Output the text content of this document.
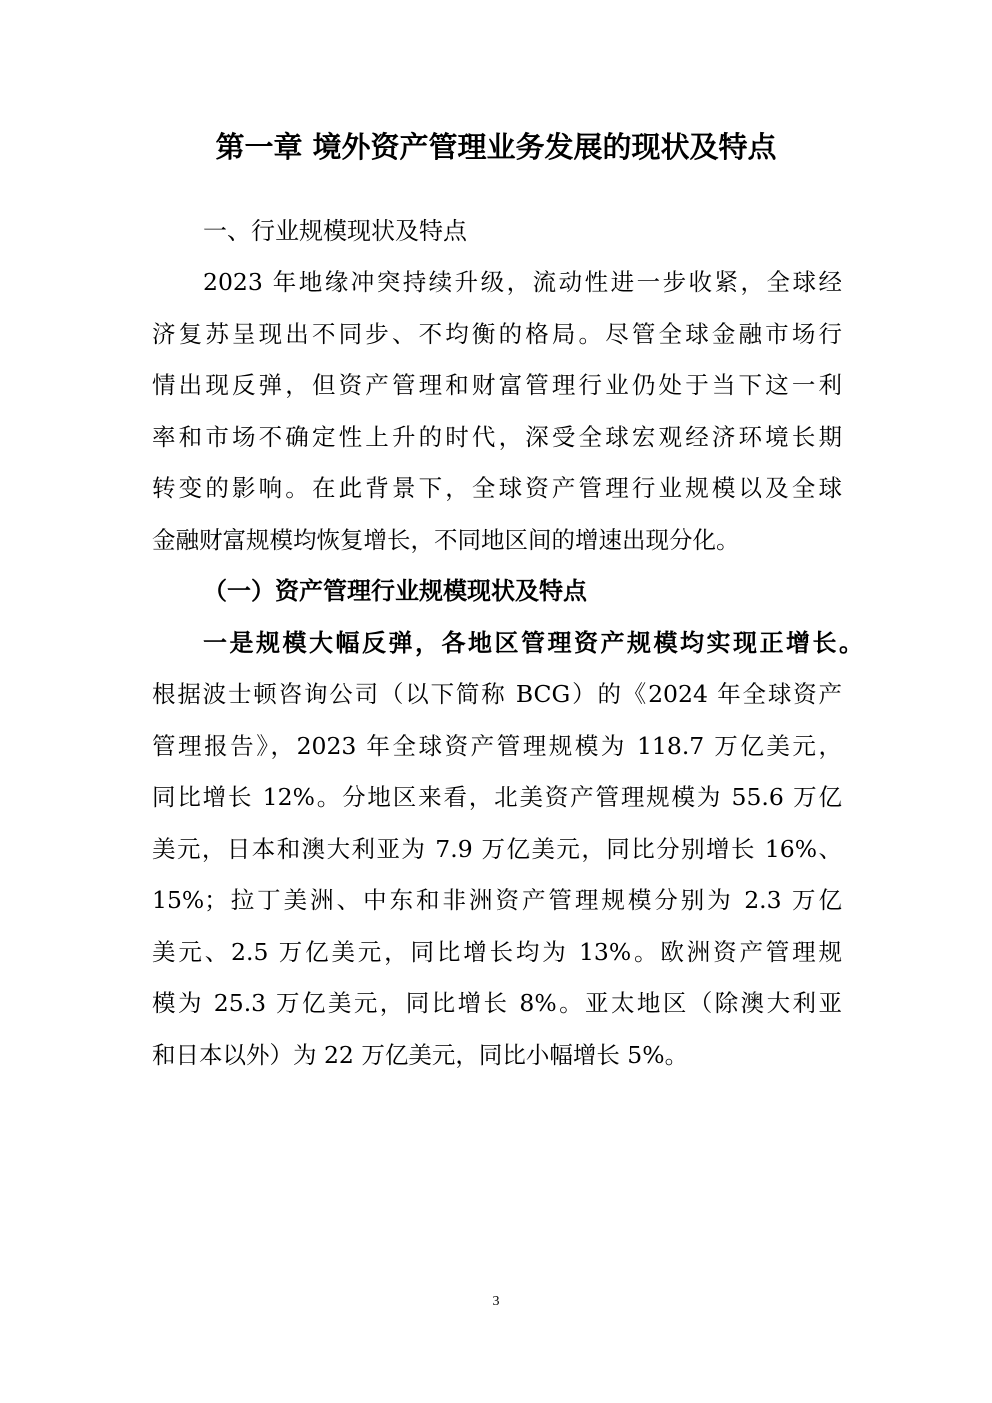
第一章 境外资产管理业务发展的现状及特点

一、行业规模现状及特点

2023 年地缘冲突持续升级，流动性进一步收紧，全球经

济复苏呈现出不同步、不均衡的格局。尽管全球金融市场行

情出现反弹，但资产管理和财富管理行业仍处于当下这一利

率和市场不确定性上升的时代，深受全球宏观经济环境长期

转变的影响。在此背景下，全球资产管理行业规模以及全球

金融财富规模均恢复增长，不同地区间的增速出现分化。

（一）资产管理行业规模现状及特点

一是规模大幅反弹，各地区管理资产规模均实现正增长。

根据波士顿咨询公司（以下简称 BCG）的《2024 年全球资产

管理报告》，2023 年全球资产管理规模为 118.7 万亿美元，

同比增长 12%。分地区来看，北美资产管理规模为 55.6 万亿

美元，日本和澳大利亚为 7.9 万亿美元，同比分别增长 16%、

15%；拉丁美洲、中东和非洲资产管理规模分别为 2.3 万亿

美元、2.5 万亿美元，同比增长均为 13%。欧洲资产管理规

模为 25.3 万亿美元，同比增长 8%。亚太地区（除澳大利亚

和日本以外）为 22 万亿美元，同比小幅增长 5%。

3
